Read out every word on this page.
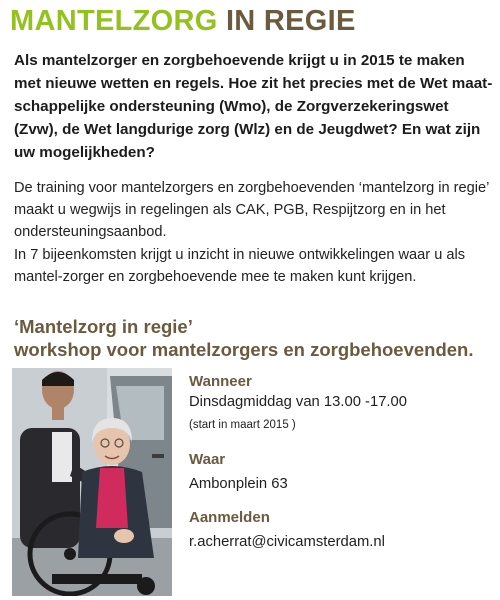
MANTELZORG IN REGIE

Als mantelzorger en zorgbehoevende krijgt u in 2015 te maken met nieuwe wetten en regels. Hoe zit het precies met de Wet maat-schappelijke ondersteuning (Wmo), de Zorgverzekeringswet (Zvw), de Wet langdurige zorg (Wlz) en de Jeugdwet? En wat zijn uw mogelijkheden?

De training voor mantelzorgers en zorgbehoevenden ‘mantelzorg in regie’ maakt u wegwijs in regelingen als CAK, PGB, Respijtzorg en in het ondersteuningsaanbod.

In 7 bijeenkomsten krijgt u inzicht in nieuwe ontwikkelingen waar u als mantel-zorger en zorgbehoevende mee te maken kunt krijgen.

‘Mantelzorg in regie’
workshop voor mantelzorgers en zorgbehoevenden.
Wanneer
Dinsdagmiddag van 13.00 -17.00
(start in maart 2015 )
Waar
Ambonplein 63
Aanmelden
r.acherrat@civicamsterdam.nl
